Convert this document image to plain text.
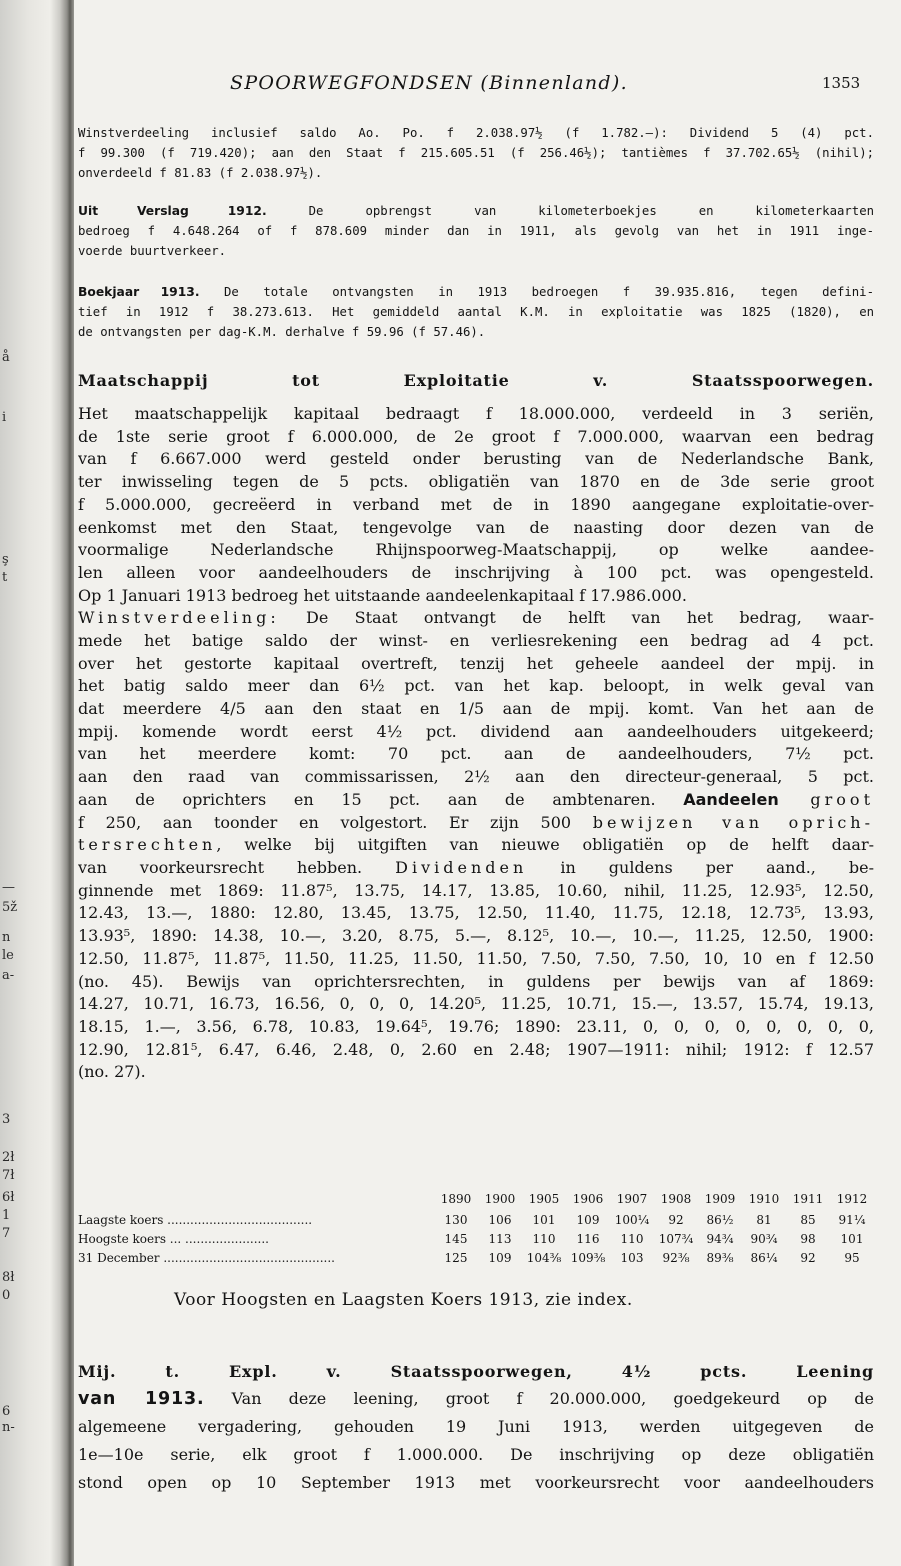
å
i
ş
t
—
5ž
n
le
a-
3
2ł
7ł
6ł
1
7
8ł
0
6
n-
SPOORWEGFONDSEN (Binnenland).	1353
Winstverdeeling inclusief saldo Ao. Po. f 2.038.97½ (f 1.782.—): Dividend 5 (4) pct.
f 99.300 (f 719.420); aan den Staat f 215.605.51 (f 256.46½); tantièmes f 37.702.65½ (nihil);
onverdeeld f 81.83 (f 2.038.97½).
Uit Verslag 1912. De opbrengst van kilometerboekjes en kilometerkaarten
bedroeg f 4.648.264 of f 878.609 minder dan in 1911, als gevolg van het in 1911 inge-
voerde buurtverkeer.
Boekjaar 1913. De totale ontvangsten in 1913 bedroegen f 39.935.816, tegen defini-
tief in 1912 f 38.273.613. Het gemiddeld aantal K.M. in exploitatie was 1825 (1820), en
de ontvangsten per dag-K.M. derhalve f 59.96 (f 57.46).
Maatschappij tot Exploitatie v. Staatsspoorwegen.
Het maatschappelijk kapitaal bedraagt f 18.000.000, verdeeld in 3 seriën,
de 1ste serie groot f 6.000.000, de 2e groot f 7.000.000, waarvan een bedrag
van f 6.667.000 werd gesteld onder berusting van de Nederlandsche Bank,
ter inwisseling tegen de 5 pcts. obligatiën van 1870 en de 3de serie groot
f 5.000.000, gecreëerd in verband met de in 1890 aangegane exploitatie-over-
eenkomst met den Staat, tengevolge van de naasting door dezen van de
voormalige Nederlandsche Rhijnspoorweg-Maatschappij, op welke aandee-
len alleen voor aandeelhouders de inschrijving à 100 pct. was opengesteld.
Op 1 Januari 1913 bedroeg het uitstaande aandeelenkapitaal f 17.986.000.
Winstverdeeling: De Staat ontvangt de helft van het bedrag, waar-
mede het batige saldo der winst- en verliesrekening een bedrag ad 4 pct.
over het gestorte kapitaal overtreft, tenzij het geheele aandeel der mpij. in
het batig saldo meer dan 6½ pct. van het kap. beloopt, in welk geval van
dat meerdere 4/5 aan den staat en 1/5 aan de mpij. komt. Van het aan de
mpij. komende wordt eerst 4½ pct. dividend aan aandeelhouders uitgekeerd;
van het meerdere komt: 70 pct. aan de aandeelhouders, 7½ pct.
aan den raad van commissarissen, 2½ aan den directeur-generaal, 5 pct.
aan de oprichters en 15 pct. aan de ambtenaren. Aandeelen groot
f 250, aan toonder en volgestort. Er zijn 500 bewijzen van oprich-
tersrechten, welke bij uitgiften van nieuwe obligatiën op de helft daar-
van voorkeursrecht hebben. Dividenden in guldens per aand., be-
ginnende met 1869: 11.87⁵, 13.75, 14.17, 13.85, 10.60, nihil, 11.25, 12.93⁵, 12.50,
12.43, 13.—, 1880: 12.80, 13.45, 13.75, 12.50, 11.40, 11.75, 12.18, 12.73⁵, 13.93,
13.93⁵, 1890: 14.38, 10.—, 3.20, 8.75, 5.—, 8.12⁵, 10.—, 10.—, 11.25, 12.50, 1900:
12.50, 11.87⁵, 11.87⁵, 11.50, 11.25, 11.50, 11.50, 7.50, 7.50, 7.50, 10, 10 en f 12.50
(no. 45). Bewijs van oprichtersrechten, in guldens per bewijs van af 1869:
14.27, 10.71, 16.73, 16.56, 0, 0, 0, 14.20⁵, 11.25, 10.71, 15.—, 13.57, 15.74, 19.13,
18.15, 1.—, 3.56, 6.78, 10.83, 19.64⁵, 19.76; 1890: 23.11, 0, 0, 0, 0, 0, 0, 0, 0,
12.90, 12.81⁵, 6.47, 6.46, 2.48, 0, 2.60 en 2.48; 1907—1911: nihil; 1912: f 12.57
(no. 27).
1890	1900	1905	1906	1907	1908	1909	1910	1911	1912
Laagste koers ......................................	130	106	101	109	100¼	92	86½	81	85	91¼
Hoogste koers ... ......................	145	113	110	116	110	107¾	94¾	90¾	98	101
31 December .............................................	125	109	104⅜ 109⅜	103	92⅜	89⅜	86¼	92	95
Voor Hoogsten en Laagsten Koers 1913, zie index.
Mij. t. Expl. v. Staatsspoorwegen, 4½ pcts. Leening
van 1913. Van deze leening, groot f 20.000.000, goedgekeurd op de
algemeene vergadering, gehouden 19 Juni 1913, werden uitgegeven de
1e—10e serie, elk groot f 1.000.000. De inschrijving op deze obligatiën
stond open op 10 September 1913 met voorkeursrecht voor aandeelhouders
